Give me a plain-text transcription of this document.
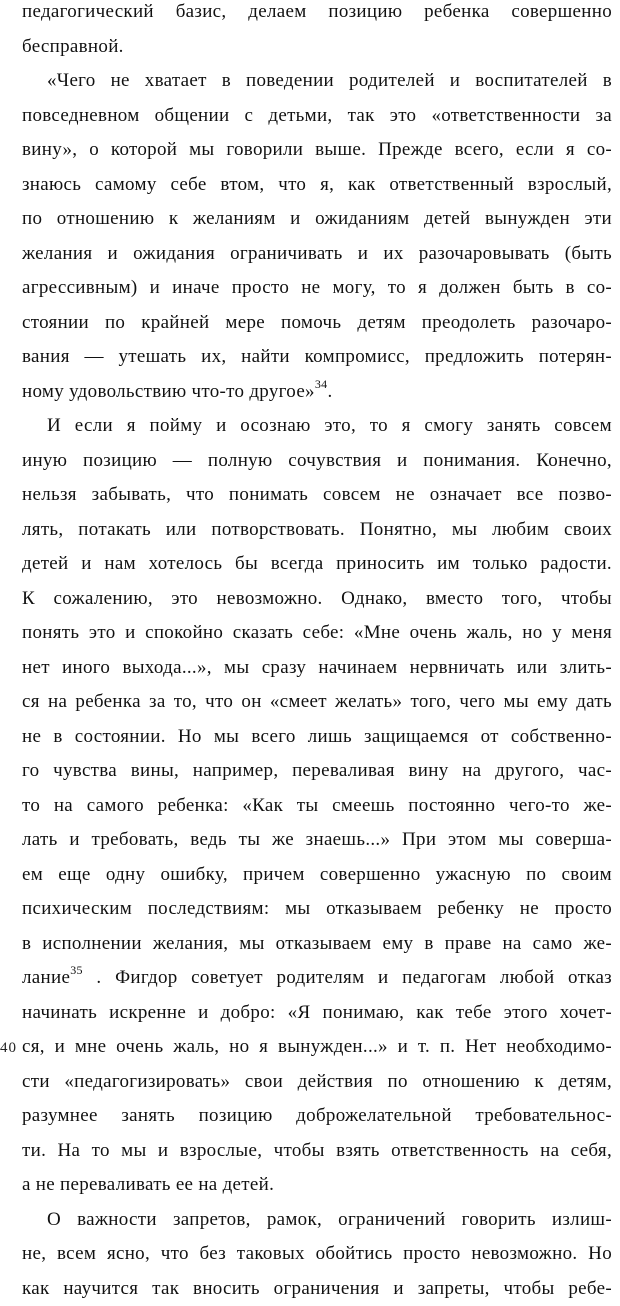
педагогический базис, делаем позицию ребенка совершенно
бесправной.
«Чего не хватает в поведении родителей и воспитателей в
повседневном общении с детьми, так это «ответственности за
вину», о которой мы говорили выше. Прежде всего, если я со-
знаюсь самому себе втом, что я, как ответственный взрослый,
по отношению к желаниям и ожиданиям детей вынужден эти
желания и ожидания ограничивать и их разочаровывать (быть
агрессивным) и иначе просто не могу, то я должен быть в со-
стоянии по крайней мере помочь детям преодолеть разочаро-
вания — утешать их, найти компромисс, предложить потерян-
ному удовольствию что-то другое»$^{34}$.
И если я пойму и осознаю это, то я смогу занять совсем
иную позицию — полную сочувствия и понимания. Конечно,
нельзя забывать, что понимать совсем не означает все позво-
лять, потакать или потворствовать. Понятно, мы любим своих
детей и нам хотелось бы всегда приносить им только радости.
К сожалению, это невозможно. Однако, вместо того, чтобы
понять это и спокойно сказать себе: «Мне очень жаль, но у меня
нет иного выхода...», мы сразу начинаем нервничать или злить-
ся на ребенка за то, что он «смеет желать» того, чего мы ему дать
не в состоянии. Но мы всего лишь защищаемся от собственно-
го чувства вины, например, переваливая вину на другого, час-
то на самого ребенка: «Как ты смеешь постоянно чего-то же-
лать и требовать, ведь ты же знаешь...» При этом мы соверша-
ем еще одну ошибку, причем совершенно ужасную по своим
психическим последствиям: мы отказываем ребенку не просто
в исполнении желания, мы отказываем ему в праве на само же-
лание$^{35}$ . Фигдор советует родителям и педагогам любой отказ
начинать искренне и добро: «Я понимаю, как тебе этого хочет-
ся, и мне очень жаль, но я вынужден...» и т. п. Нет необходимо-
сти «педагогизировать» свои действия по отношению к детям,
разумнее занять позицию доброжелательной требовательнос-
ти. На то мы и взрослые, чтобы взять ответственность на себя,
а не переваливать ее на детей.
О важности запретов, рамок, ограничений говорить излиш-
не, всем ясно, что без таковых обойтись просто невозможно. Но
как научится так вносить ограничения и запреты, чтобы ребе-
40
